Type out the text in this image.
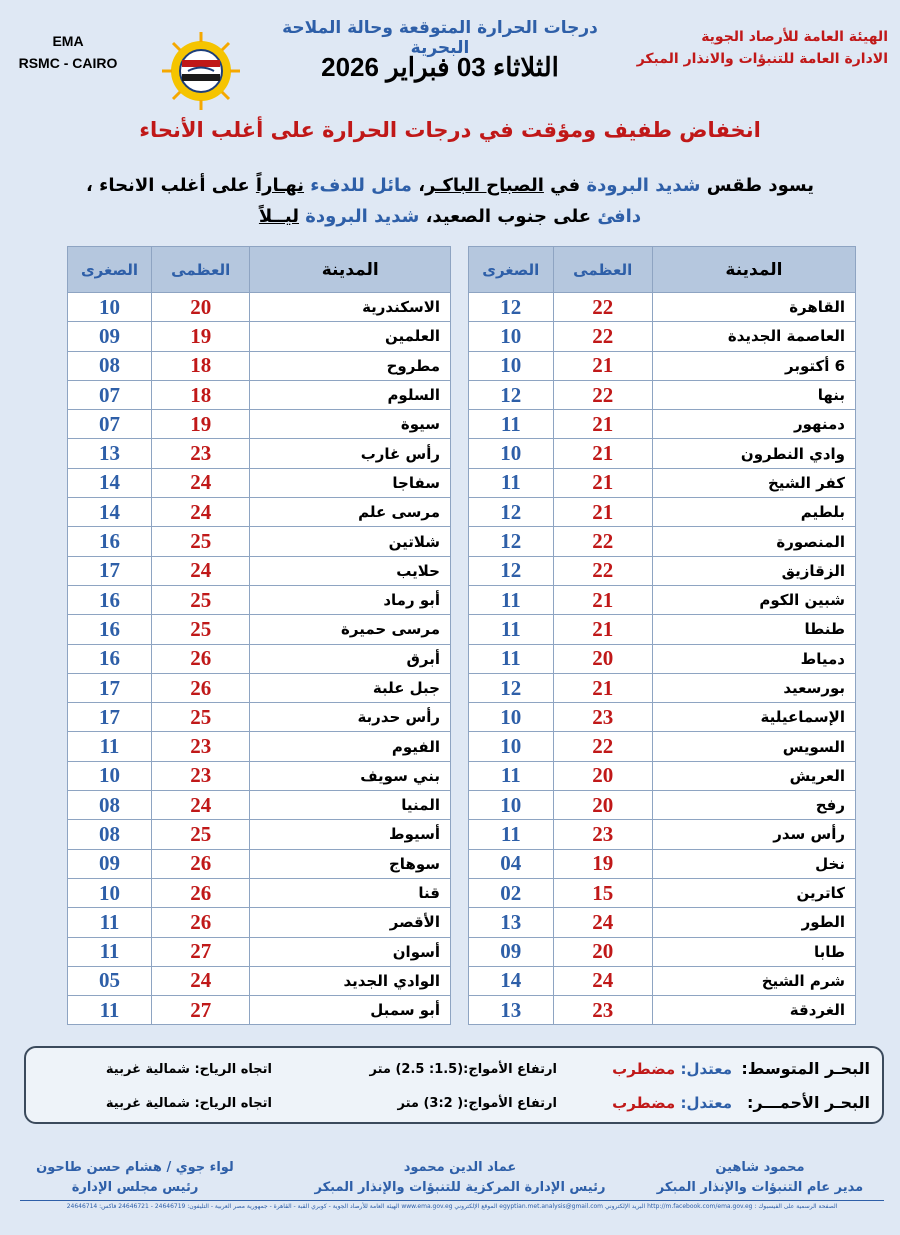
EMA
RSMC - CAIRO
درجات الحرارة المتوقعة وحالة الملاحة البحرية
الثلاثاء 03 فبراير 2026
الهيئة العامة للأرصاد الجوية
الادارة العامة للتنبؤات والانذار المبكر
انخفاض طفيف ومؤقت في درجات الحرارة على أغلب الأنحاء
يسود طقس شديد البرودة في الصباح الباكـر، مائل للدفء نهـاراً على أغلب الانحاء ،
دافئ على جنوب الصعيد، شديد البرودة ليــلاً
المدينة	العظمى	الصغرى
القاهرة	22	12
العاصمة الجديدة	22	10
6 أكتوبر	21	10
بنها	22	12
دمنهور	21	11
وادي النطرون	21	10
كفر الشيخ	21	11
بلطيم	21	12
المنصورة	22	12
الزقازيق	22	12
شبين الكوم	21	11
طنطا	21	11
دمياط	20	11
بورسعيد	21	12
الإسماعيلية	23	10
السويس	22	10
العريش	20	11
رفح	20	10
رأس سدر	23	11
نخل	19	04
كاترين	15	02
الطور	24	13
طابا	20	09
شرم الشيخ	24	14
الغردقة	23	13
المدينة	العظمى	الصغرى
الاسكندرية	20	10
العلمين	19	09
مطروح	18	08
السلوم	18	07
سيوة	19	07
رأس غارب	23	13
سفاجا	24	14
مرسى علم	24	14
شلاتين	25	16
حلايب	24	17
أبو رماد	25	16
مرسى حميرة	25	16
أبرق	26	16
جبل علبة	26	17
رأس حدربة	25	17
الفيوم	23	11
بني سويف	23	10
المنيا	24	08
أسيوط	25	08
سوهاج	26	09
قنا	26	10
الأقصر	26	11
أسوان	27	11
الوادي الجديد	24	05
أبو سمبل	27	11
البحـر المتوسط:
معتدل: مضطرب
ارتفاع الأمواج:(1.5: 2.5) متر
اتجاه الرياح: شمالية غربية
البحـر الأحمـــر:
معتدل: مضطرب
ارتفاع الأمواج:( 3:2) متر
اتجاه الرياح: شمالية غربية
محمود شاهين
مدير عام التنبؤات والإنذار المبكر
عماد الدين محمود
رئيس الإدارة المركزية للتنبؤات والإنذار المبكر
لواء جوي / هشام حسن طاحون
رئيس مجلس الإدارة
الصفحة الرسمية على الفيسبوك : http://m.facebook.com/ema.gov.eg البريد الإلكتروني egyptian.met.analysis@gmail.com الموقع الإلكتروني www.ema.gov.eg الهيئة العامة للأرصاد الجوية - كوبري القبة - القاهرة - جمهورية مصر العربية - التليفون: 24646719 - 24646721 فاكس: 24646714
